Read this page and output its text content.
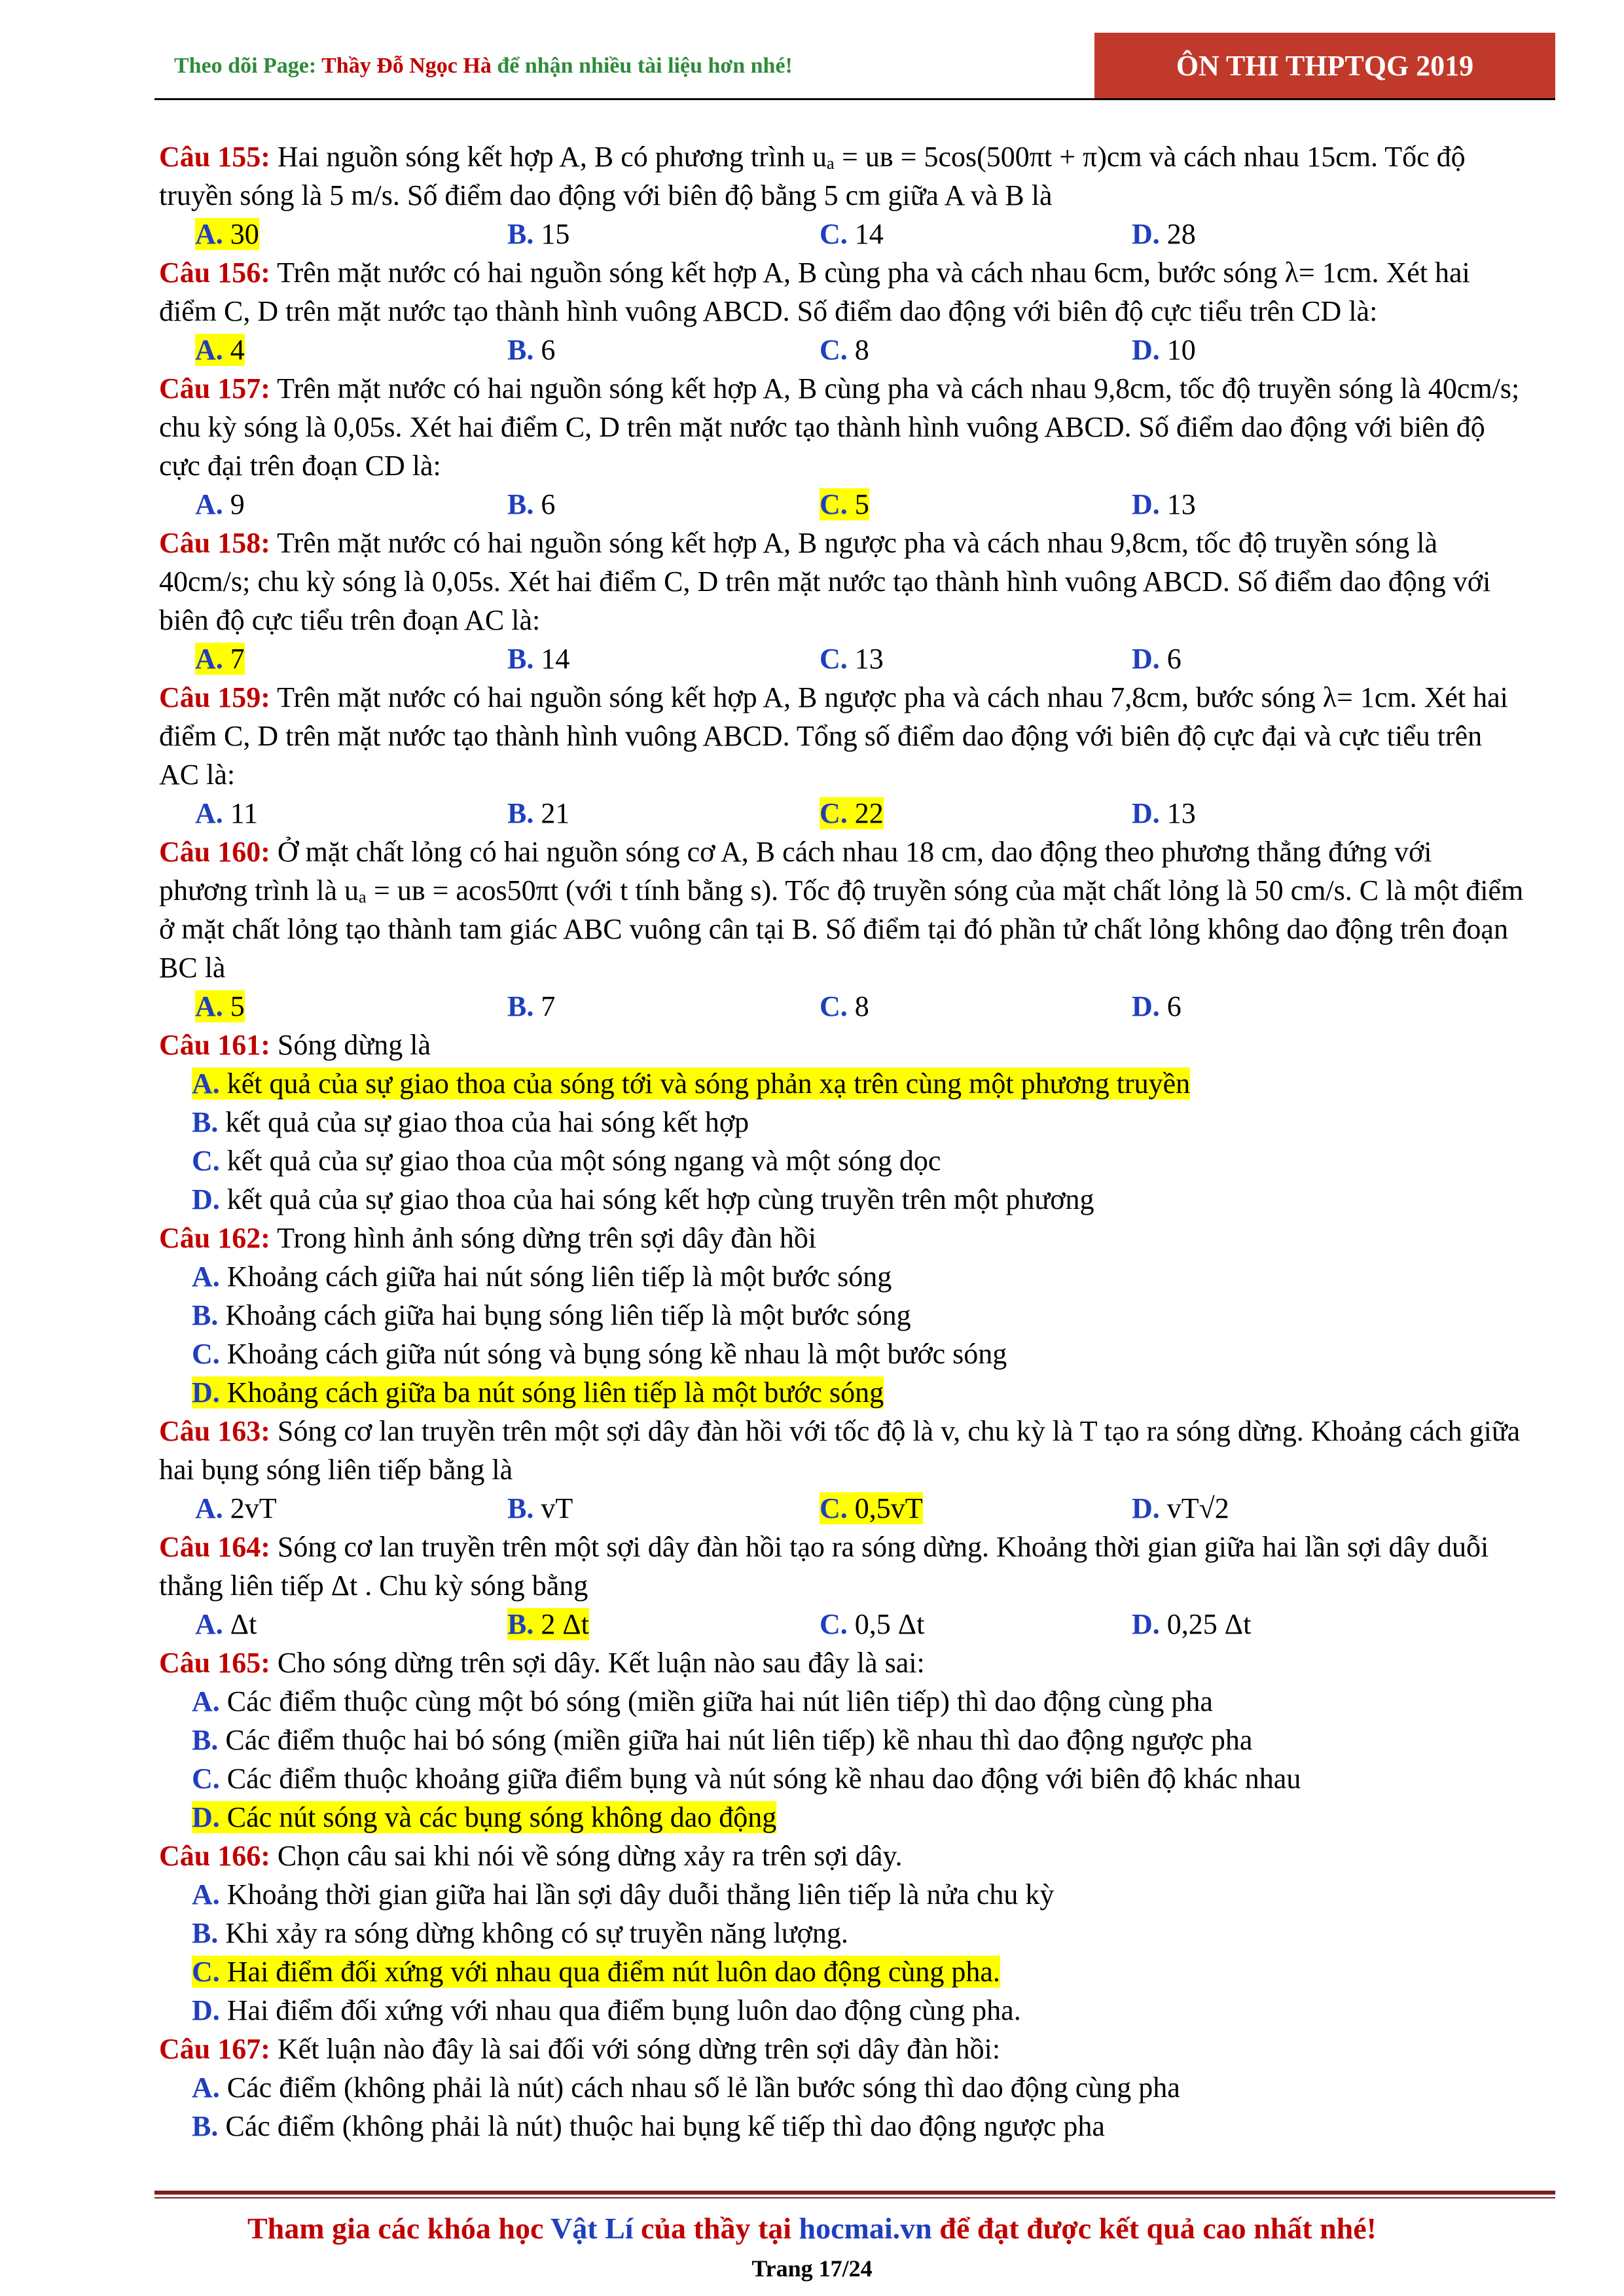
Theo dõi Page: Thầy Đỗ Ngọc Hà để nhận nhiều tài liệu hơn nhé!	ÔN THI THPTQG 2019
Câu 155: Hai nguồn sóng kết hợp A, B có phương trình uₐ = uʙ = 5cos(500πt + π)cm và cách nhau 15cm. Tốc độ truyền sóng là 5 m/s. Số điểm dao động với biên độ bằng 5 cm giữa A và B là
A. 30	B. 15	C. 14	D. 28
Câu 156: Trên mặt nước có hai nguồn sóng kết hợp A, B cùng pha và cách nhau 6cm, bước sóng λ= 1cm. Xét hai điểm C, D trên mặt nước tạo thành hình vuông ABCD. Số điểm dao động với biên độ cực tiểu trên CD là:
A. 4	B. 6	C. 8	D. 10
Câu 157: Trên mặt nước có hai nguồn sóng kết hợp A, B cùng pha và cách nhau 9,8cm, tốc độ truyền sóng là 40cm/s; chu kỳ sóng là 0,05s. Xét hai điểm C, D trên mặt nước tạo thành hình vuông ABCD. Số điểm dao động với biên độ cực đại trên đoạn CD là:
A. 9	B. 6	C. 5	D. 13
Câu 158: Trên mặt nước có hai nguồn sóng kết hợp A, B ngược pha và cách nhau 9,8cm, tốc độ truyền sóng là 40cm/s; chu kỳ sóng là 0,05s. Xét hai điểm C, D trên mặt nước tạo thành hình vuông ABCD. Số điểm dao động với biên độ cực tiểu trên đoạn AC là:
A. 7	B. 14	C. 13	D. 6
Câu 159: Trên mặt nước có hai nguồn sóng kết hợp A, B ngược pha và cách nhau 7,8cm, bước sóng λ= 1cm. Xét hai điểm C, D trên mặt nước tạo thành hình vuông ABCD. Tổng số điểm dao động với biên độ cực đại và cực tiểu trên AC là:
A. 11	B. 21	C. 22	D. 13
Câu 160: Ở mặt chất lỏng có hai nguồn sóng cơ A, B cách nhau 18 cm, dao động theo phương thẳng đứng với phương trình là uₐ = uʙ = acos50πt (với t tính bằng s). Tốc độ truyền sóng của mặt chất lỏng là 50 cm/s. C là một điểm ở mặt chất lỏng tạo thành tam giác ABC vuông cân tại B. Số điểm tại đó phần tử chất lỏng không dao động trên đoạn BC là
A. 5	B. 7	C. 8	D. 6
Câu 161: Sóng dừng là
A. kết quả của sự giao thoa của sóng tới và sóng phản xạ trên cùng một phương truyền
B. kết quả của sự giao thoa của hai sóng kết hợp
C. kết quả của sự giao thoa của một sóng ngang và một sóng dọc
D. kết quả của sự giao thoa của hai sóng kết hợp cùng truyền trên một phương
Câu 162: Trong hình ảnh sóng dừng trên sợi dây đàn hồi
A. Khoảng cách giữa hai nút sóng liên tiếp là một bước sóng
B. Khoảng cách giữa hai bụng sóng liên tiếp là một bước sóng
C. Khoảng cách giữa nút sóng và bụng sóng kề nhau là một bước sóng
D. Khoảng cách giữa ba nút sóng liên tiếp là một bước sóng
Câu 163: Sóng cơ lan truyền trên một sợi dây đàn hồi với tốc độ là v, chu kỳ là T tạo ra sóng dừng. Khoảng cách giữa hai bụng sóng liên tiếp bằng là
A. 2vT	B. vT	C. 0,5vT	D. vT√2
Câu 164: Sóng cơ lan truyền trên một sợi dây đàn hồi tạo ra sóng dừng. Khoảng thời gian giữa hai lần sợi dây duỗi thẳng liên tiếp Δt . Chu kỳ sóng bằng
A. Δt	B. 2 Δt	C. 0,5 Δt	D. 0,25 Δt
Câu 165: Cho sóng dừng trên sợi dây. Kết luận nào sau đây là sai:
A. Các điểm thuộc cùng một bó sóng (miền giữa hai nút liên tiếp) thì dao động cùng pha
B. Các điểm thuộc hai bó sóng (miền giữa hai nút liên tiếp) kề nhau thì dao động ngược pha
C. Các điểm thuộc khoảng giữa điểm bụng và nút sóng kề nhau dao động với biên độ khác nhau
D. Các nút sóng và các bụng sóng không dao động
Câu 166: Chọn câu sai khi nói về sóng dừng xảy ra trên sợi dây.
A. Khoảng thời gian giữa hai lần sợi dây duỗi thẳng liên tiếp là nửa chu kỳ
B. Khi xảy ra sóng dừng không có sự truyền năng lượng.
C. Hai điểm đối xứng với nhau qua điểm nút luôn dao động cùng pha.
D. Hai điểm đối xứng với nhau qua điểm bụng luôn dao động cùng pha.
Câu 167: Kết luận nào đây là sai đối với sóng dừng trên sợi dây đàn hồi:
A. Các điểm (không phải là nút) cách nhau số lẻ lần bước sóng thì dao động cùng pha
B. Các điểm (không phải là nút) thuộc hai bụng kế tiếp thì dao động ngược pha
Tham gia các khóa học Vật Lí của thầy tại hocmai.vn để đạt được kết quả cao nhất nhé!
Trang 17/24
